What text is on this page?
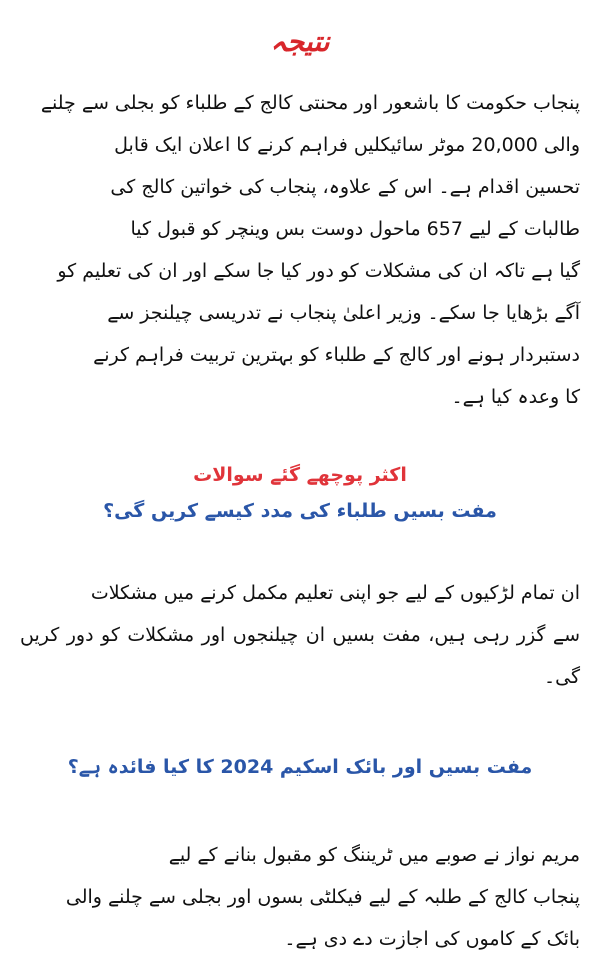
نتیجہ

پنجاب حکومت کا باشعور اور محنتی کالج کے طلباء کو بجلی سے چلنے

والی 20,000 موٹر سائیکلیں فراہم کرنے کا اعلان ایک قابل

تحسین اقدام ہے۔ اس کے علاوہ، پنجاب کی خواتین کالج کی

طالبات کے لیے 657 ماحول دوست بس وینچر کو قبول کیا

گیا ہے تاکہ ان کی مشکلات کو دور کیا جا سکے اور ان کی تعلیم کو

آگے بڑھایا جا سکے۔ وزیر اعلیٰ پنجاب نے تدریسی چیلنجز سے

دستبردار ہونے اور کالج کے طلباء کو بہترین تربیت فراہم کرنے

کا وعدہ کیا ہے۔

اکثر پوچھے گئے سوالات
مفت بسیں طلباء کی مدد کیسے کریں گی؟

ان تمام لڑکیوں کے لیے جو اپنی تعلیم مکمل کرنے میں مشکلات

سے گزر رہی ہیں، مفت بسیں ان چیلنجوں اور مشکلات کو دور کریں گی۔

مفت بسیں اور بائک اسکیم 2024 کا کیا فائدہ ہے؟

مریم نواز نے صوبے میں ٹریننگ کو مقبول بنانے کے لیے

پنجاب کالج کے طلبہ کے لیے فیکلٹی بسوں اور بجلی سے چلنے والی

بائک کے کاموں کی اجازت دے دی ہے۔
